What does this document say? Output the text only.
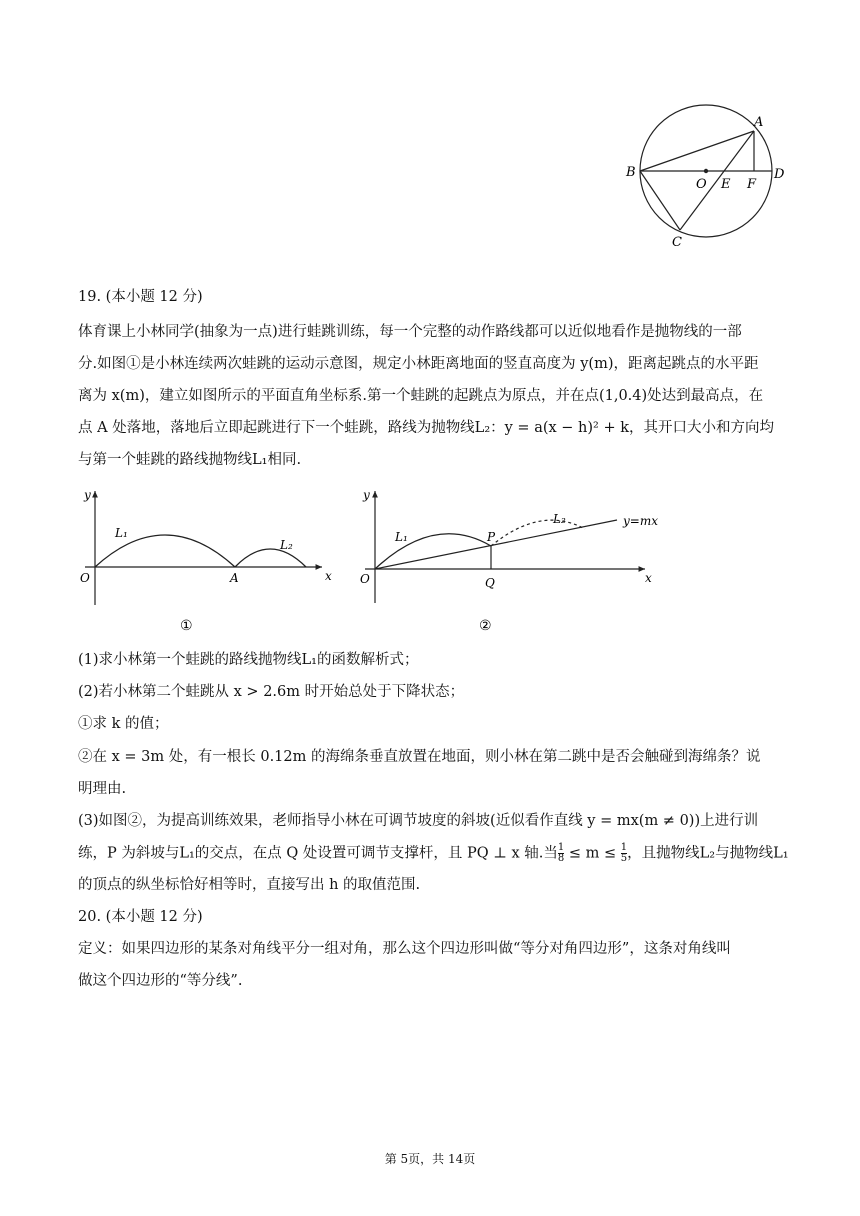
A
B
C
D
O E F
19. (本小题 12 分)
体育课上小林同学(抽象为一点)进行蛙跳训练，每一个完整的动作路线都可以近似地看作是抛物线的一部
分.如图①是小林连续两次蛙跳的运动示意图，规定小林距离地面的竖直高度为 y(m)，距离起跳点的水平距
离为 x(m)，建立如图所示的平面直角坐标系.第一个蛙跳的起跳点为原点，并在点(1,0.4)处达到最高点，在
点 A 处落地，落地后立即起跳进行下一个蛙跳，路线为抛物线L₂：y = a(x − h)² + k，其开口大小和方向均
与第一个蛙跳的路线抛物线L₁相同.
y
x
O	A
L₁
L₂
①
y
x
O
P
Q
L₁
L₂	y=mx
②
(1)求小林第一个蛙跳的路线抛物线L₁的函数解析式；
(2)若小林第二个蛙跳从 x > 2.6m 时开始总处于下降状态；
①求 k 的值；
②在 x = 3m 处，有一根长 0.12m 的海绵条垂直放置在地面，则小林在第二跳中是否会触碰到海绵条？说
明理由.
(3)如图②，为提高训练效果，老师指导小林在可调节坡度的斜坡(近似看作直线 y = mx(m ≠ 0))上进行训
练，P 为斜坡与L₁的交点，在点 Q 处设置可调节支撑杆，且 PQ ⊥ x 轴.当 $\frac{1}{8} \le m \le \frac{1}{5}$ ，且抛物线L₂与抛物线L₁
的顶点的纵坐标恰好相等时，直接写出 h 的取值范围.
20. (本小题 12 分)
定义：如果四边形的某条对角线平分一组对角，那么这个四边形叫做“等分对角四边形”，这条对角线叫
做这个四边形的“等分线”.
第 5页，共 14页
